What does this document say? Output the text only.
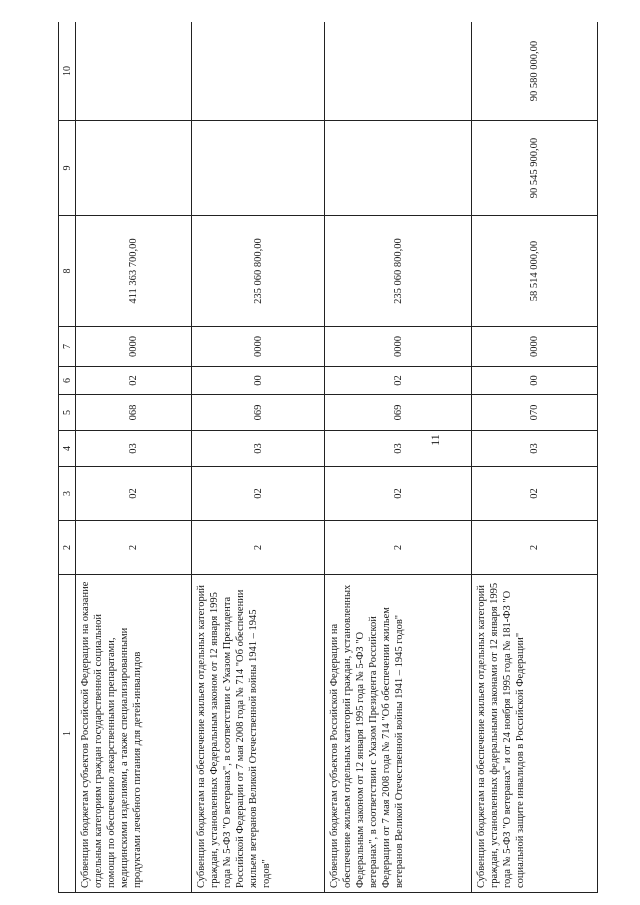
11
1	2	3	4	5	6	7	8	9	10
Субвенции бюджетам субъектов Российской Федерации на оказание отдельным категориям граждан государственной социальной помощи по обеспечению лекарственными препаратами, медицинскими изделиями, а также специализированными продуктами лечебного питания для детей-инвалидов	2	02	03	068	02	0000	411 363 700,00		
Субвенции бюджетам на обеспечение жильем отдельных категорий граждан, установленных Федеральным законом от 12 января 1995 года № 5-ФЗ "О ветеранах", в соответствии с Указом Президента Российской Федерации от 7 мая 2008 года № 714 "Об обеспечении жильем ветеранов Великой Отечественной войны 1941 – 1945 годов"	2	02	03	069	00	0000	235 060 800,00		
Субвенции бюджетам субъектов Российской Федерации на обеспечение жильем отдельных категорий граждан, установленных Федеральным законом от 12 января 1995 года № 5-ФЗ "О ветеранах", в соответствии с Указом Президента Российской Федерации от 7 мая 2008 года № 714 "Об обеспечении жильем ветеранов Великой Отечественной войны 1941 – 1945 годов"	2	02	03	069	02	0000	235 060 800,00		
Субвенции бюджетам на обеспечение жильем отдельных категорий граждан, установленных федеральными законами от 12 января 1995 года № 5-ФЗ "О ветеранах" и от 24 ноября 1995 года № 181-ФЗ "О социальной защите инвалидов в Российской Федерации"	2	02	03	070	00	0000	58 514 000,00	90 545 900,00	90 580 000,00
